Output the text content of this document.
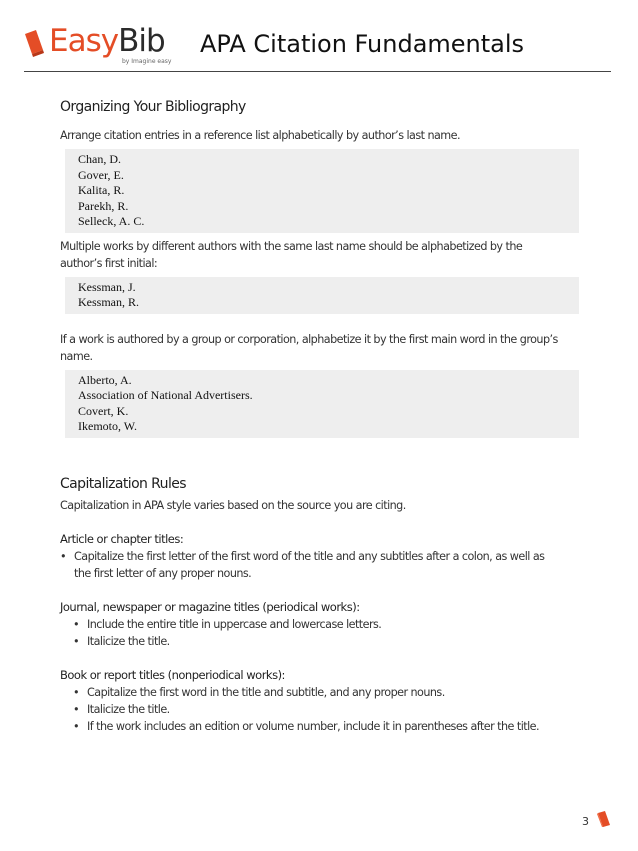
EasyBib
by Imagine easy
APA Citation Fundamentals

Organizing Your Bibliography

Arrange citation entries in a reference list alphabetically by author’s last name.

Chan, D.
Gover, E.
Kalita, R.
Parekh, R.
Selleck, A. C.

Multiple works by different authors with the same last name should be alphabetized by the

author’s first initial:

Kessman, J.
Kessman, R.

If a work is authored by a group or corporation, alphabetize it by the first main word in the group’s

name.

Alberto, A.
Association of National Advertisers.
Covert, K.
Ikemoto, W.

Capitalization Rules

Capitalization in APA style varies based on the source you are citing.

Article or chapter titles:

• Capitalize the first letter of the first word of the title and any subtitles after a colon, as well as
the first letter of any proper nouns.

Journal, newspaper or magazine titles (periodical works):

• Include the entire title in uppercase and lowercase letters.
• Italicize the title.

Book or report titles (nonperiodical works):

• Capitalize the first word in the title and subtitle, and any proper nouns.
• Italicize the title.
• If the work includes an edition or volume number, include it in parentheses after the title.
3
